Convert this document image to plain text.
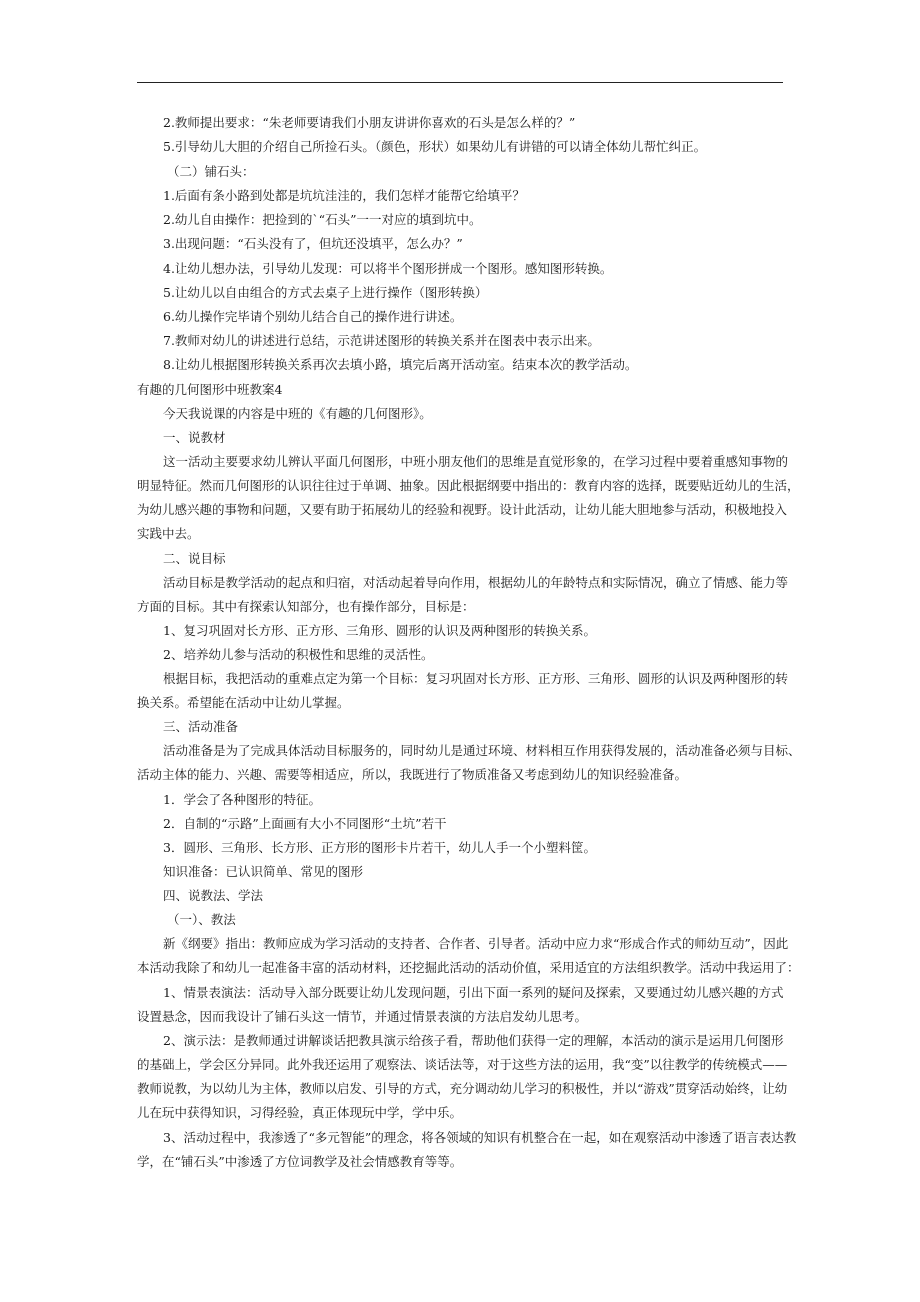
2.教师提出要求：“朱老师要请我们小朋友讲讲你喜欢的石头是怎么样的？”
5.引导幼儿大胆的介绍自己所捡石头。（颜色，形状）如果幼儿有讲错的可以请全体幼儿帮忙纠正。
（二）铺石头：
1.后面有条小路到处都是坑坑洼洼的，我们怎样才能帮它给填平？
2.幼儿自由操作：把捡到的`“石头”一一对应的填到坑中。
3.出现问题：“石头没有了，但坑还没填平，怎么办？”
4.让幼儿想办法，引导幼儿发现：可以将半个图形拼成一个图形。感知图形转换。
5.让幼儿以自由组合的方式去桌子上进行操作（图形转换）
6.幼儿操作完毕请个别幼儿结合自己的操作进行讲述。
7.教师对幼儿的讲述进行总结，示范讲述图形的转换关系并在图表中表示出来。
8.让幼儿根据图形转换关系再次去填小路，填完后离开活动室。结束本次的教学活动。
有趣的几何图形中班教案4
今天我说课的内容是中班的《有趣的几何图形》。
一、说教材
这一活动主要要求幼儿辨认平面几何图形，中班小朋友他们的思维是直觉形象的，在学习过程中要着重感知事物的
明显特征。然而几何图形的认识往往过于单调、抽象。因此根据纲要中指出的：教育内容的选择，既要贴近幼儿的生活，
为幼儿感兴趣的事物和问题，又要有助于拓展幼儿的经验和视野。设计此活动，让幼儿能大胆地参与活动，积极地投入
实践中去。
二、说目标
活动目标是教学活动的起点和归宿，对活动起着导向作用，根据幼儿的年龄特点和实际情况，确立了情感、能力等
方面的目标。其中有探索认知部分，也有操作部分，目标是：
1、复习巩固对长方形、正方形、三角形、圆形的认识及两种图形的转换关系。
2、培养幼儿参与活动的积极性和思维的灵活性。
根据目标，我把活动的重难点定为第一个目标：复习巩固对长方形、正方形、三角形、圆形的认识及两种图形的转
换关系。希望能在活动中让幼儿掌握。
三、活动准备
活动准备是为了完成具体活动目标服务的，同时幼儿是通过环境、材料相互作用获得发展的，活动准备必须与目标、
活动主体的能力、兴趣、需要等相适应，所以，我既进行了物质准备又考虑到幼儿的知识经验准备。
1．学会了各种图形的特征。
2．自制的“示路”上面画有大小不同图形“土坑”若干
3．圆形、三角形、长方形、正方形的图形卡片若干，幼儿人手一个小塑料筐。
知识准备：已认识简单、常见的图形
四、说教法、学法
（一）、教法
新《纲要》指出：教师应成为学习活动的支持者、合作者、引导者。活动中应力求“形成合作式的师幼互动”，因此
本活动我除了和幼儿一起准备丰富的活动材料，还挖掘此活动的活动价值，采用适宜的方法组织教学。活动中我运用了：
1、情景表演法：活动导入部分既要让幼儿发现问题，引出下面一系列的疑问及探索，又要通过幼儿感兴趣的方式
设置悬念，因而我设计了铺石头这一情节，并通过情景表演的方法启发幼儿思考。
2、演示法：是教师通过讲解谈话把教具演示给孩子看，帮助他们获得一定的理解，本活动的演示是运用几何图形
的基础上，学会区分异同。此外我还运用了观察法、谈话法等，对于这些方法的运用，我“变”以往教学的传统模式——
教师说教，为以幼儿为主体，教师以启发、引导的方式，充分调动幼儿学习的积极性，并以“游戏”贯穿活动始终，让幼
儿在玩中获得知识，习得经验，真正体现玩中学，学中乐。
3、活动过程中，我渗透了“多元智能”的理念，将各领域的知识有机整合在一起，如在观察活动中渗透了语言表达教
学，在“铺石头”中渗透了方位词教学及社会情感教育等等。
